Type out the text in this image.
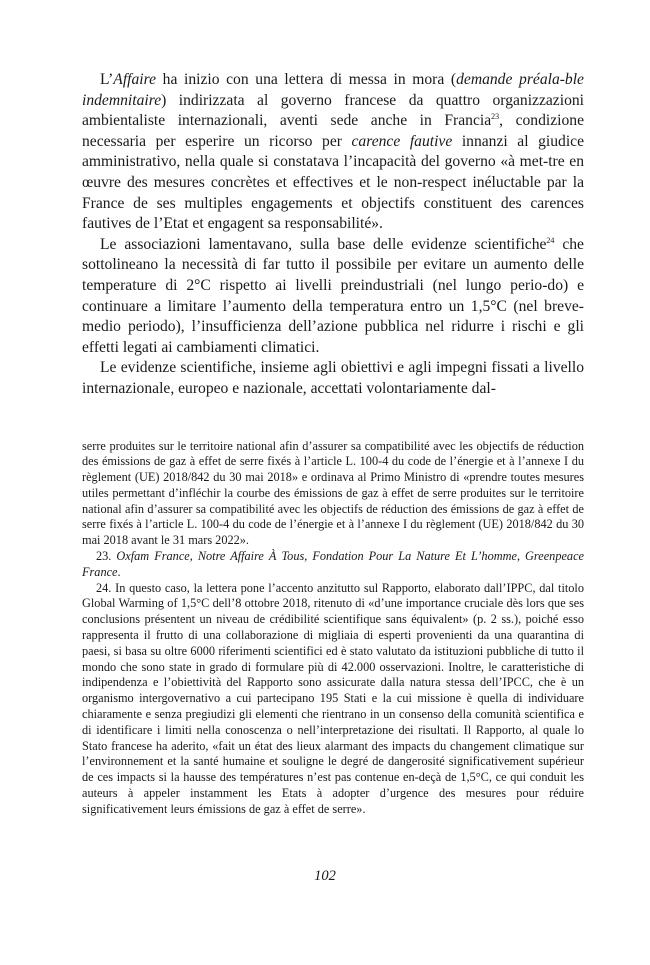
L’Affaire ha inizio con una lettera di messa in mora (demande préala-ble indemnitaire) indirizzata al governo francese da quattro organizzazioni ambientaliste internazionali, aventi sede anche in Francia$^{23}$, condizione necessaria per esperire un ricorso per carence fautive innanzi al giudice amministrativo, nella quale si constatava l’incapacità del governo «à met-tre en œuvre des mesures concrètes et effectives et le non-respect inéluctable par la France de ses multiples engagements et objectifs constituent des carences fautives de l’Etat et engagent sa responsabilité».

Le associazioni lamentavano, sulla base delle evidenze scientifiche$^{24}$ che sottolineano la necessità di far tutto il possibile per evitare un aumento delle temperature di 2°C rispetto ai livelli preindustriali (nel lungo perio-do) e continuare a limitare l’aumento della temperatura entro un 1,5°C (nel breve-medio periodo), l’insufficienza dell’azione pubblica nel ridurre i rischi e gli effetti legati ai cambiamenti climatici.

Le evidenze scientifiche, insieme agli obiettivi e agli impegni fissati a livello internazionale, europeo e nazionale, accettati volontariamente dal-

serre produites sur le territoire national afin d’assurer sa compatibilité avec les objectifs de réduction des émissions de gaz à effet de serre fixés à l’article L. 100-4 du code de l’énergie et à l’annexe I du règlement (UE) 2018/842 du 30 mai 2018» e ordinava al Primo Ministro di «prendre toutes mesures utiles permettant d’infléchir la courbe des émissions de gaz à effet de serre produites sur le territoire national afin d’assurer sa compatibilité avec les objectifs de réduction des émissions de gaz à effet de serre fixés à l’article L. 100-4 du code de l’énergie et à l’annexe I du règlement (UE) 2018/842 du 30 mai 2018 avant le 31 mars 2022».

23. Oxfam France, Notre Affaire À Tous, Fondation Pour La Nature Et L’homme, Greenpeace France.

24. In questo caso, la lettera pone l’accento anzitutto sul Rapporto, elaborato dall’IPPC, dal titolo Global Warming of 1,5°C dell’8 ottobre 2018, ritenuto di «d’une importance cruciale dès lors que ses conclusions présentent un niveau de crédibilité scientifique sans équivalent» (p. 2 ss.), poiché esso rappresenta il frutto di una collaborazione di migliaia di esperti provenienti da una quarantina di paesi, si basa su oltre 6000 riferimenti scientifici ed è stato valutato da istituzioni pubbliche di tutto il mondo che sono state in grado di formulare più di 42.000 osservazioni. Inoltre, le caratteristiche di indipendenza e l’obiettività del Rapporto sono assicurate dalla natura stessa dell’IPCC, che è un organismo intergovernativo a cui partecipano 195 Stati e la cui missione è quella di individuare chiaramente e senza pregiudizi gli elementi che rientrano in un consenso della comunità scientifica e di identificare i limiti nella conoscenza o nell’interpretazione dei risultati. Il Rapporto, al quale lo Stato francese ha aderito, «fait un état des lieux alarmant des impacts du changement climatique sur l’environnement et la santé humaine et souligne le degré de dangerosité significativement supérieur de ces impacts si la hausse des températures n’est pas contenue en-deçà de 1,5°C, ce qui conduit les auteurs à appeler instamment les Etats à adopter d’urgence des mesures pour réduire significativement leurs émissions de gaz à effet de serre».

102
